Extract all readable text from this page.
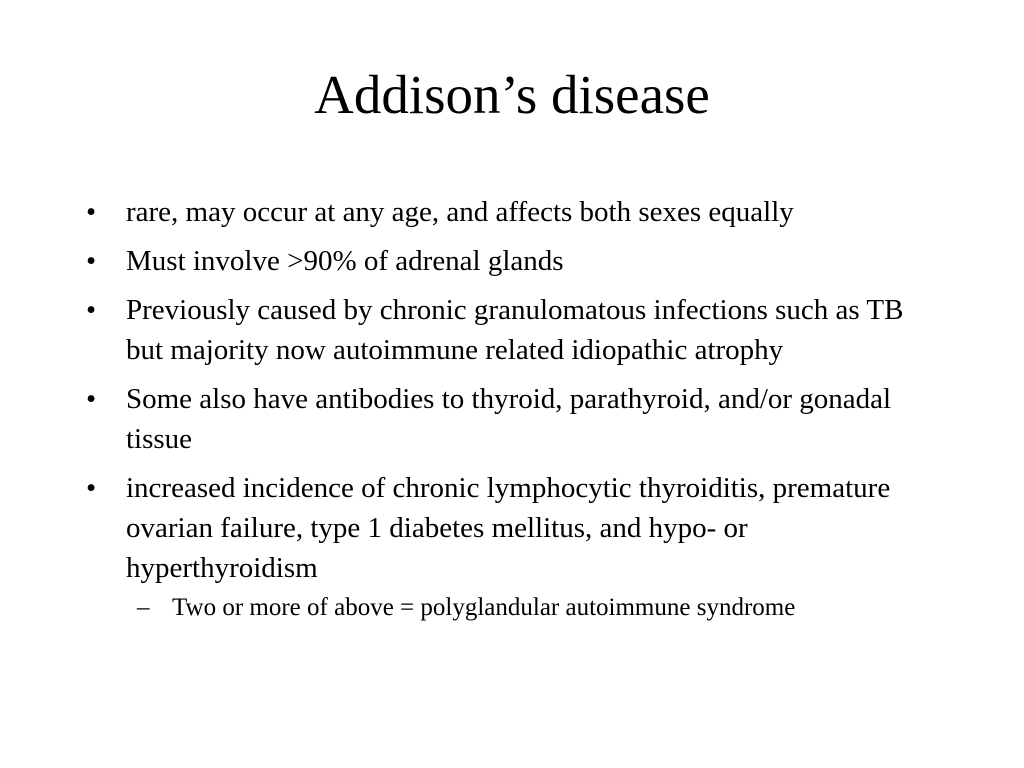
Addison’s disease
• rare, may occur at any age, and affects both sexes equally
• Must involve >90% of adrenal glands
• Previously caused by chronic granulomatous infections such as TB but majority now autoimmune related idiopathic atrophy
• Some also have antibodies to thyroid, parathyroid, and/or gonadal tissue
• increased incidence of chronic lymphocytic thyroiditis, premature ovarian failure, type 1 diabetes mellitus, and hypo- or hyperthyroidism
– Two or more of above = polyglandular autoimmune syndrome
